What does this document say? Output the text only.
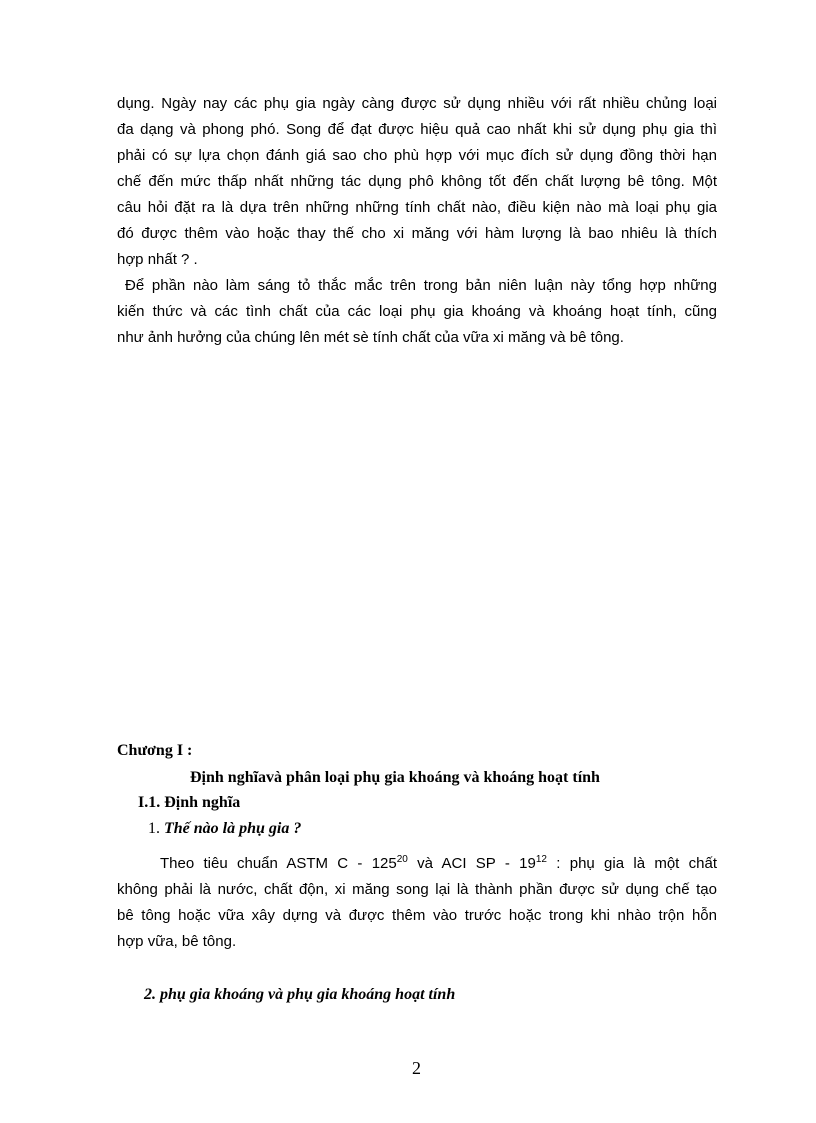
dụng. Ngày nay các phụ gia ngày càng được sử dụng nhiều với rất nhiều chủng loại
đa dạng và phong phó. Song để đạt được hiệu quả cao nhất khi sử dụng phụ gia thì
phải có sự lựa chọn đánh giá sao cho phù hợp với mục đích sử dụng đồng thời hạn
chế đến mức thấp nhất những tác dụng phô không tốt đến chất lượng bê tông. Một
câu hỏi đặt ra là dựa trên những những tính chất nào, điều kiện nào mà loại phụ gia
đó được thêm vào hoặc thay thế cho xi măng với hàm lượng là bao nhiêu là thích
hợp nhất ? .
Để phần nào làm sáng tỏ thắc mắc trên trong bản niên luận này tổng hợp những
kiến thức và các tình chất của các loại phụ gia khoáng và khoáng hoạt tính, cũng
như ảnh hưởng của chúng lên mét sè tính chất của vữa xi măng và bê tông.
Chương I :
Định nghĩavà phân loại phụ gia khoáng và khoáng hoạt tính
I.1. Định nghĩa
1. Thế nào là phụ gia ?
Theo tiêu chuẩn ASTM C - $125^{20}$ và ACI SP - $19^{12}$ : phụ gia là một chất
không phải là nước, chất độn, xi măng song lại là thành phần được sử dụng chế tạo
bê tông hoặc vữa xây dựng và được thêm vào trước hoặc trong khi nhào trộn hỗn
hợp vữa, bê tông.
2. phụ gia khoáng và phụ gia khoáng hoạt tính
2
